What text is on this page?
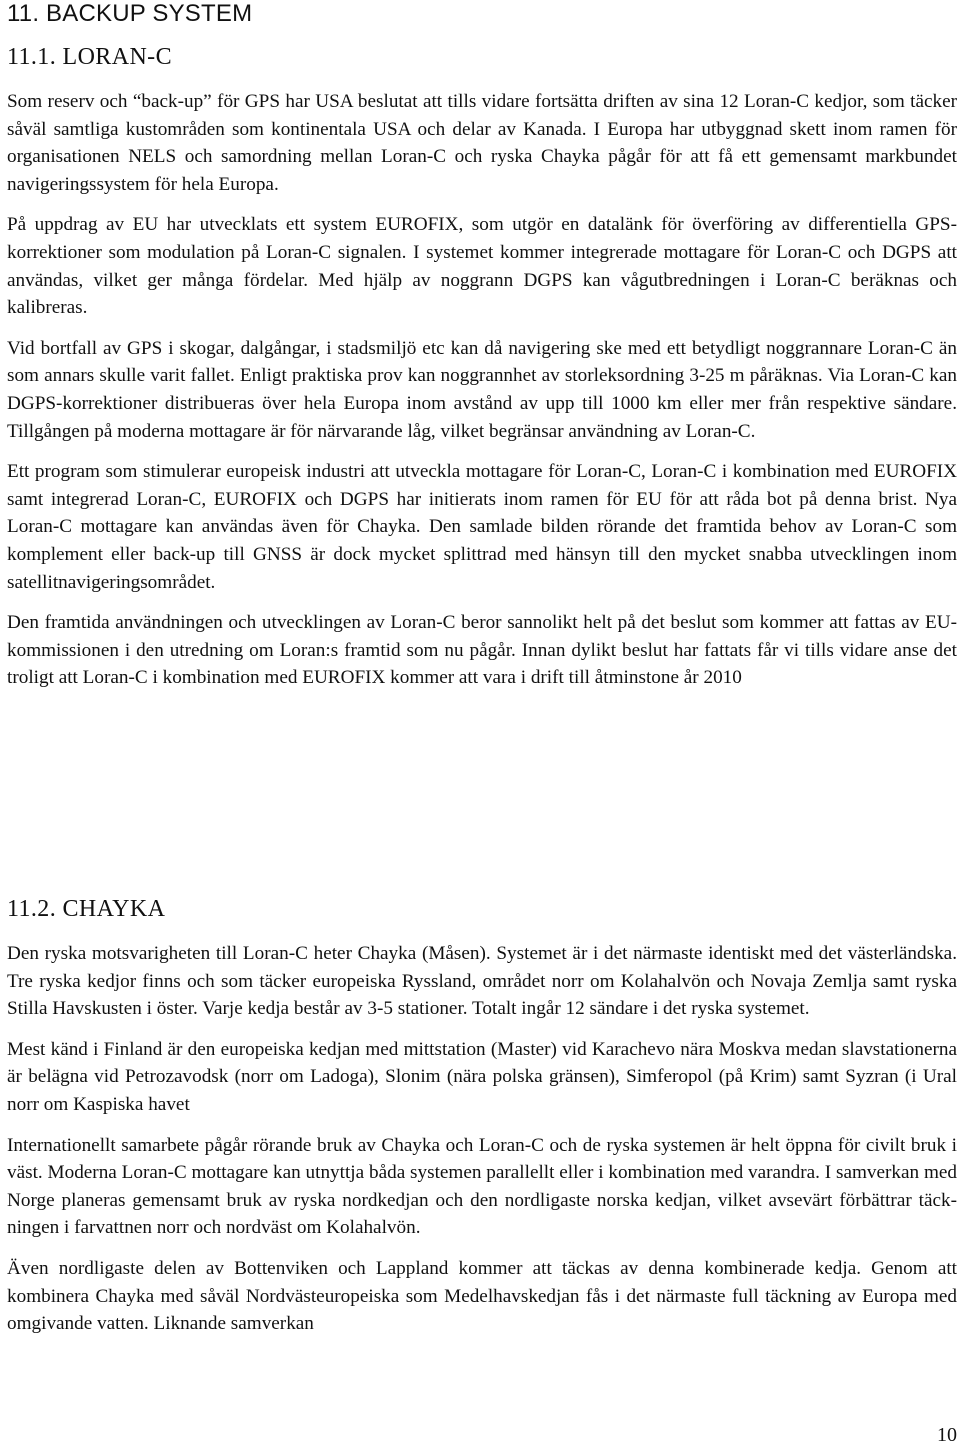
11. BACKUP SYSTEM
11.1. LORAN-C

Som reserv och “back-up” för GPS har USA beslutat att tills vidare fortsätta driften av sina 12 Loran-C kedjor, som täcker såväl samtliga kustområden som kontinentala USA och delar av Kanada. I Europa har utbyggnad skett inom ramen för organisationen NELS och samordning mellan Loran-C och ryska Chayka pågår för att få ett gemensamt markbundet navigeringssystem för hela Europa.

På uppdrag av EU har utvecklats ett system EUROFIX, som utgör en datalänk för överföring av differentiella GPS-korrektioner som modulation på Loran-C signalen. I systemet kommer integrerade mottagare för Loran-C och DGPS att användas, vilket ger många fördelar. Med hjälp av noggrann DGPS kan vågutbredningen i Loran-C beräknas och kalibreras.

Vid bortfall av GPS i skogar, dalgångar, i stadsmiljö etc kan då navigering ske med ett betydligt noggrannare Loran-C än som annars skulle varit fallet. Enligt praktiska prov kan noggrannhet av storleksordning 3-25 m påräknas. Via Loran-C kan DGPS-korrektioner distribueras över hela Europa inom avstånd av upp till 1000 km eller mer från respektive sändare. Tillgången på moderna mottagare är för närvarande låg, vilket begränsar användning av Loran-C.

Ett program som stimulerar europeisk industri att utveckla mottagare för Loran-C, Loran-C i kombination med EUROFIX samt integrerad Loran-C, EUROFIX och DGPS har initierats inom ramen för EU för att råda bot på denna brist. Nya Loran-C mottagare kan användas även för Chayka. Den samlade bilden rörande det framtida behov av Loran-C som komplement eller back-up till GNSS är dock mycket splittrad med hänsyn till den mycket snabba utvecklingen inom satellitnavigeringsområdet.

Den framtida användningen och utvecklingen av Loran-C beror sannolikt helt på det beslut som kommer att fattas av EU-kommissionen i den utredning om Loran:s framtid som nu pågår. Innan dylikt beslut har fattats får vi tills vidare anse det troligt att Loran-C i kombination med EUROFIX kommer att vara i drift till åtminstone år 2010

11.2. CHAYKA

Den ryska motsvarigheten till Loran-C heter Chayka (Måsen). Systemet är i det närmaste identiskt med det västerländska. Tre ryska kedjor finns och som täcker europeiska Ryssland, området norr om Kolahalvön och Novaja Zemlja samt ryska Stilla Havskusten i öster. Varje kedja består av 3-5 stationer. Totalt ingår 12 sändare i det ryska systemet.

Mest känd i Finland är den europeiska kedjan med mittstation (Master) vid Karachevo nära Moskva medan slavstationerna är belägna vid Petrozavodsk (norr om Ladoga), Slonim (nära polska gränsen), Simferopol (på Krim) samt Syzran (i Ural norr om Kaspiska havet

Internationellt samarbete pågår rörande bruk av Chayka och Loran-C och de ryska systemen är helt öppna för civilt bruk i väst. Moderna Loran-C mottagare kan utnyttja båda systemen parallellt eller i kombination med varandra. I samverkan med Norge planeras gemensamt bruk av ryska nordkedjan och den nordligaste norska kedjan, vilket avsevärt förbättrar täckningen i farvattnen norr och nordväst om Kolahalvön.

Även nordligaste delen av Bottenviken och Lappland kommer att täckas av denna kombinerade kedja. Genom att kombinera Chayka med såväl Nordvästeuropeiska som Medelhavskedjan fås i det närmaste full täckning av Europa med omgivande vatten. Liknande samverkan

10
